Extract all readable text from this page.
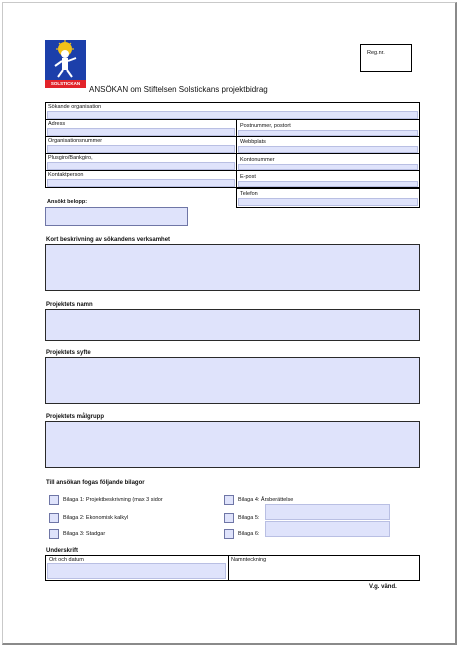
SOLSTICKAN
Reg.nr.
ANSÖKAN om Stiftelsen Solstickans projektbidrag
Sökande organisation
Adress
Organisationsnummer
Plusgiro/Bankgiro,
Kontaktperson
Postnummer, postort
Webbplats
Kontonummer
E-post
Telefon
Ansökt belopp:
Kort beskrivning av sökandens verksamhet
Projektets namn
Projektets syfte
Projektets målgrupp
Till ansökan fogas följande bilagor
Bilaga 1: Projektbeskrivning (max 3 sidor
Bilaga 2: Ekonomisk kalkyl
Bilaga 3: Stadgar
Bilaga 4: Årsberättelse
Bilaga 5:
Bilaga 6:
Underskrift
Ort och datum	Namnteckning
V.g. vänd.
